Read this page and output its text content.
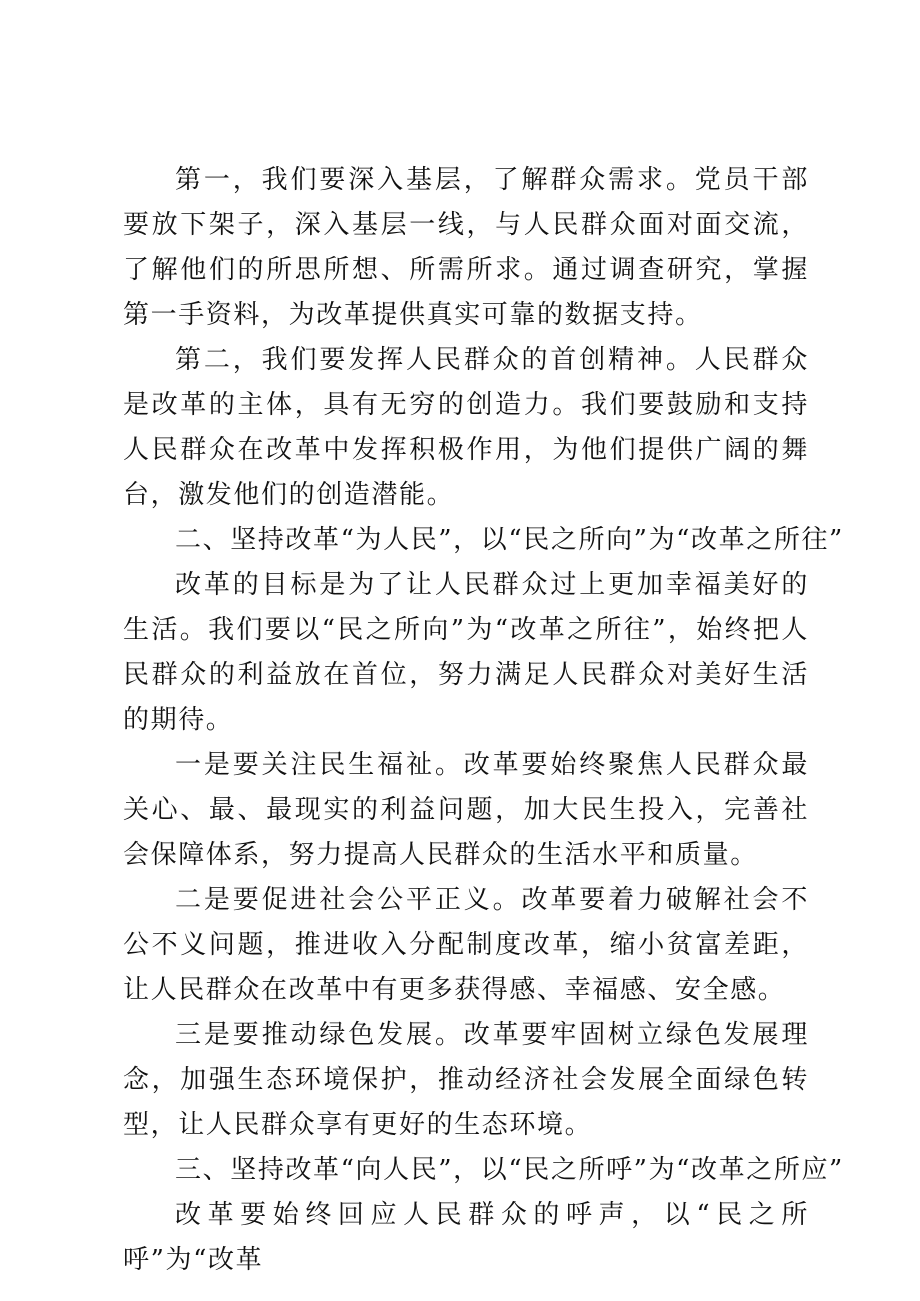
第一，我们要深入基层，了解群众需求。党员干部要放下架子，深入基层一线，与人民群众面对面交流，了解他们的所思所想、所需所求。通过调查研究，掌握第一手资料，为改革提供真实可靠的数据支持。

第二，我们要发挥人民群众的首创精神。人民群众是改革的主体，具有无穷的创造力。我们要鼓励和支持人民群众在改革中发挥积极作用，为他们提供广阔的舞台，激发他们的创造潜能。

二、坚持改革“为人民”，以“民之所向”为“改革之所往”

改革的目标是为了让人民群众过上更加幸福美好的生活。我们要以“民之所向”为“改革之所往”，始终把人民群众的利益放在首位，努力满足人民群众对美好生活的期待。

一是要关注民生福祉。改革要始终聚焦人民群众最关心、最、最现实的利益问题，加大民生投入，完善社会保障体系，努力提高人民群众的生活水平和质量。

二是要促进社会公平正义。改革要着力破解社会不公不义问题，推进收入分配制度改革，缩小贫富差距，让人民群众在改革中有更多获得感、幸福感、安全感。

三是要推动绿色发展。改革要牢固树立绿色发展理念，加强生态环境保护，推动经济社会发展全面绿色转型，让人民群众享有更好的生态环境。

三、坚持改革“向人民”，以“民之所呼”为“改革之所应”

改革要始终回应人民群众的呼声，以“民之所呼”为“改革
